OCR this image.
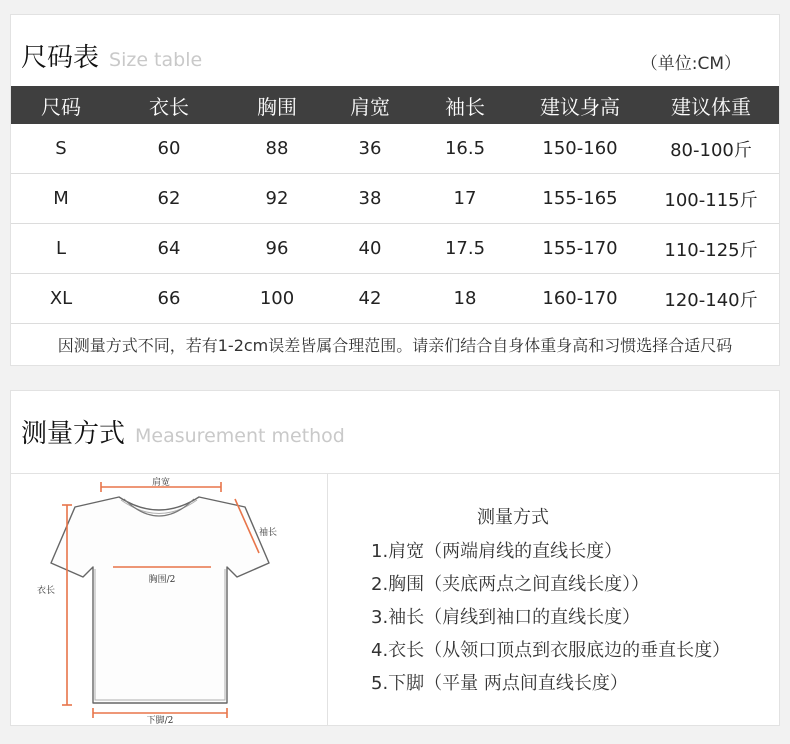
尺码表 Size table	（单位:CM）
尺码	衣长	胸围	肩宽	袖长	建议身高	建议体重
S	60	88	36	16.5	150-160	80-100斤
M	62	92	38	17	155-165	100-115斤
L	64	96	40	17.5	155-170	110-125斤
XL	66	100	42	18	160-170	120-140斤
因测量方式不同，若有1-2cm误差皆属合理范围。请亲们结合自身体重身高和习惯选择合适尺码
测量方式 Measurement method
肩宽
袖长
胸围/2
衣长
下脚/2
测量方式
1.肩宽（两端肩线的直线长度）
2.胸围（夹底两点之间直线长度））
3.袖长（肩线到袖口的直线长度）
4.衣长（从领口顶点到衣服底边的垂直长度）
5.下脚（平量 两点间直线长度）
